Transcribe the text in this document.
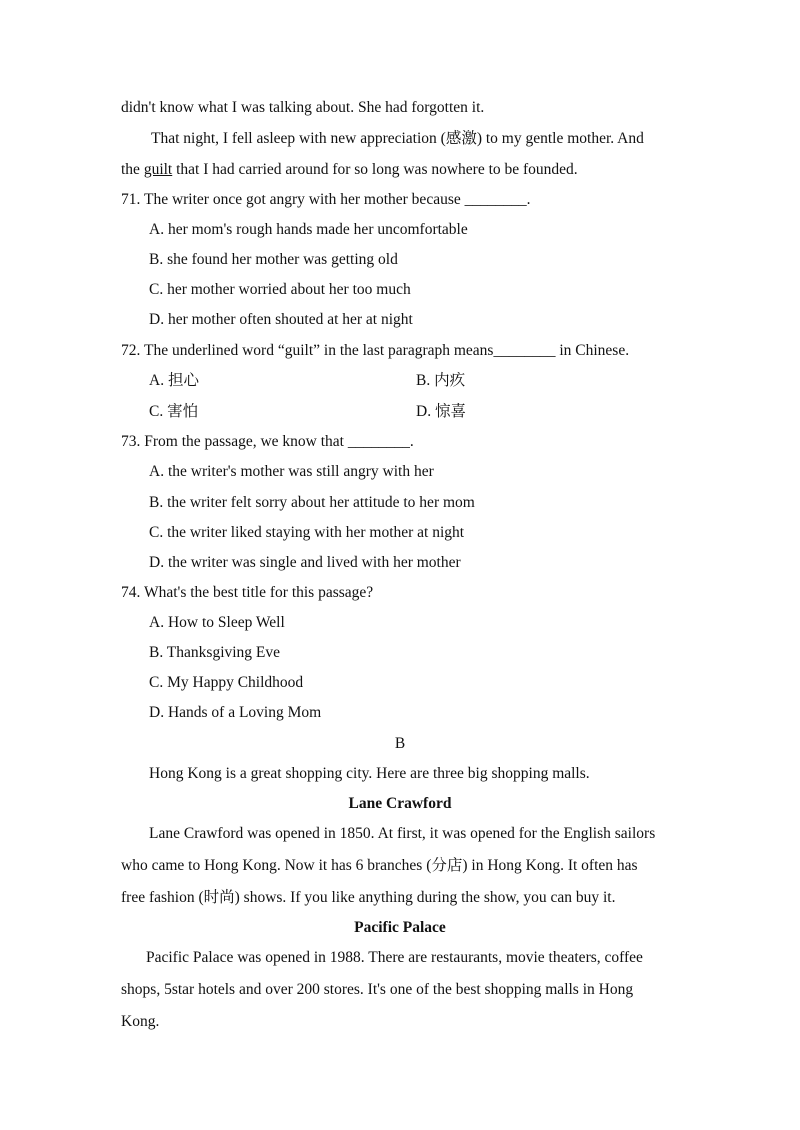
didn't know what I was talking about. She had forgotten it.
That night, I fell asleep with new appreciation (感激) to my gentle mother. And
the guilt that I had carried around for so long was nowhere to be founded.
71. The writer once got angry with her mother because ________.
A. her mom's rough hands made her uncomfortable
B. she found her mother was getting old
C. her mother worried about her too much
D. her mother often shouted at her at night
72. The underlined word “guilt” in the last paragraph means________ in Chinese.
A. 担心	B. 内疚
C. 害怕	D. 惊喜
73. From the passage, we know that ________.
A. the writer's mother was still angry with her
B. the writer felt sorry about her attitude to her mom
C. the writer liked staying with her mother at night
D. the writer was single and lived with her mother
74. What's the best title for this passage?
A. How to Sleep Well
B. Thanksgiving Eve
C. My Happy Childhood
D. Hands of a Loving Mom
B
Hong Kong is a great shopping city. Here are three big shopping malls.
Lane Crawford
Lane Crawford was opened in 1850. At first, it was opened for the English sailors
who came to Hong Kong. Now it has 6 branches (分店) in Hong Kong. It often has
free fashion (时尚) shows. If you like anything during the show, you can buy it.
Pacific Palace
Pacific Palace was opened in 1988. There are restaurants, movie theaters, coffee
shops, 5star hotels and over 200 stores. It's one of the best shopping malls in Hong
Kong.
